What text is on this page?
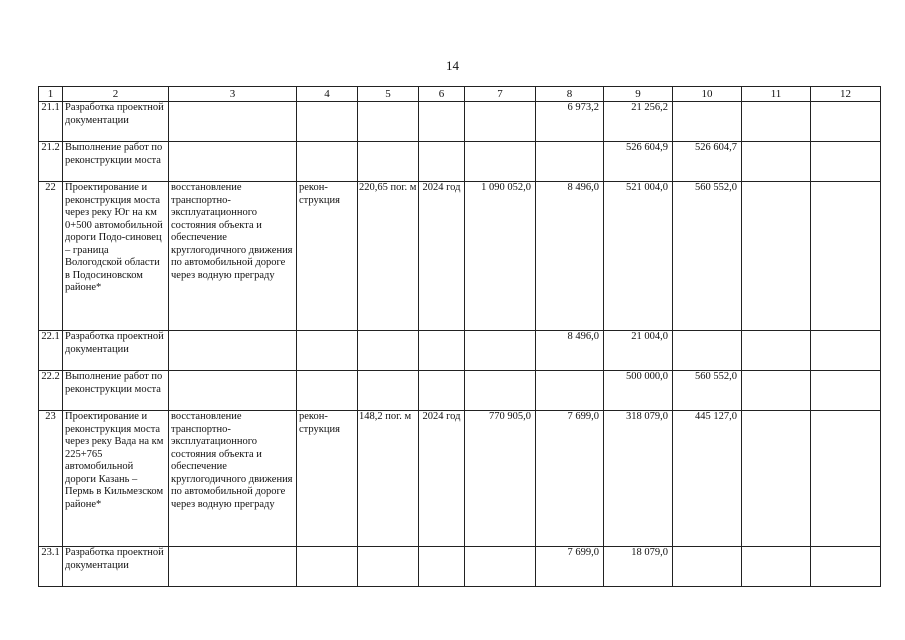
14
1	2	3	4	5	6	7	8	9	10	11	12
21.1	Разработка проектной документации						6 973,2	21 256,2			
21.2	Выполнение работ по реконструкции моста							526 604,9	526 604,7		
22	Проектирование и реконструкция моста через реку Юг на км 0+500 автомобильной дороги Подо-синовец – граница Вологодской области в Подосиновском районе*	восстановление транспортно-эксплуатационного состояния объекта и обеспечение круглогодичного движения по автомобильной дороге через водную преграду	рекон-струкция	220,65 пог. м	2024 год	1 090 052,0	8 496,0	521 004,0	560 552,0		
22.1	Разработка проектной документации						8 496,0	21 004,0			
22.2	Выполнение работ по реконструкции моста							500 000,0	560 552,0		
23	Проектирование и реконструкция моста через реку Вада на км 225+765 автомобильной дороги Казань – Пермь в Кильмезском районе*	восстановление транспортно-эксплуатационного состояния объекта и обеспечение круглогодичного движения по автомобильной дороге через водную преграду	рекон-струкция	148,2 пог. м	2024 год	770 905,0	7 699,0	318 079,0	445 127,0		
23.1	Разработка проектной документации						7 699,0	18 079,0			
